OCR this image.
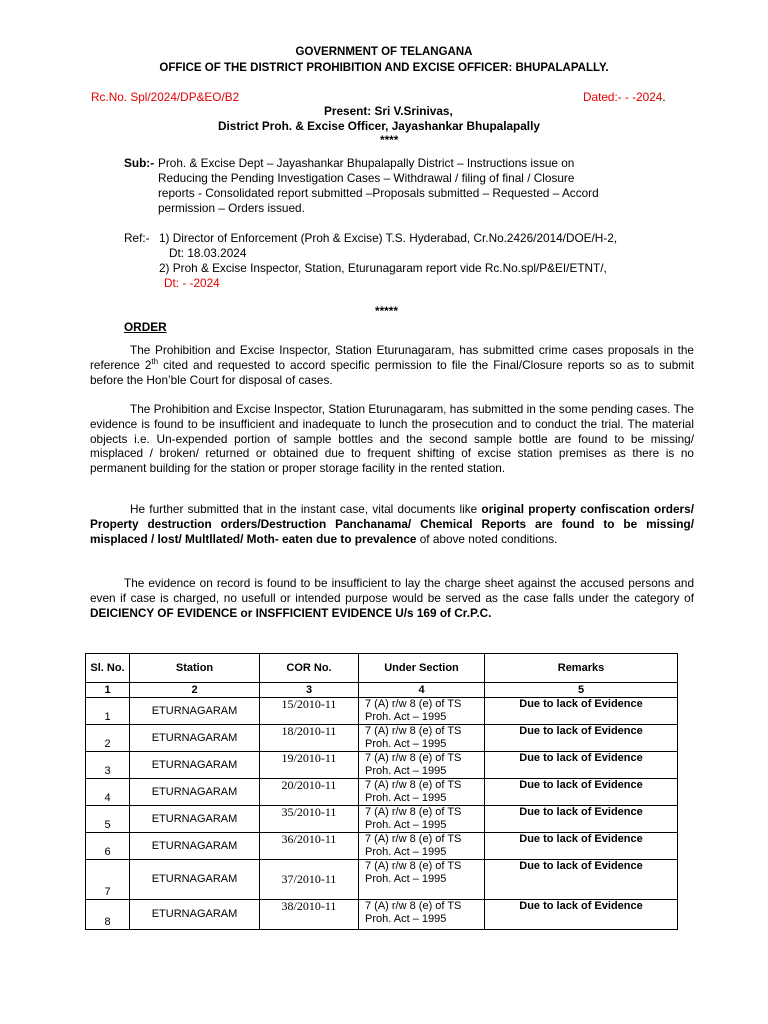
GOVERNMENT OF TELANGANA
OFFICE OF THE DISTRICT PROHIBITION AND EXCISE OFFICER: BHUPALAPALLY.
Rc.No. Spl/2024/DP&EO/B2	Dated:- - -2024.
Present: Sri V.Srinivas,
District Proh. & Excise Officer, Jayashankar Bhupalapally
****
Sub:- Proh. & Excise Dept – Jayashankar Bhupalapally District – Instructions issue on
Reducing the Pending Investigation Cases – Withdrawal / filing of final / Closure
reports - Consolidated report submitted –Proposals submitted – Requested – Accord
permission – Orders issued.
Ref:- 1) Director of Enforcement (Proh & Excise) T.S. Hyderabad, Cr.No.2426/2014/DOE/H-2,
Dt: 18.03.2024
2) Proh & Excise Inspector, Station, Eturunagaram report vide Rc.No.spl/P&EI/ETNT/,
Dt: - -2024
*****
ORDER
The Prohibition and Excise Inspector, Station Eturunagaram, has submitted crime cases proposals in the reference 2th cited and requested to accord specific permission to file the Final/Closure reports so as to submit before the Hon’ble Court for disposal of cases.
The Prohibition and Excise Inspector, Station Eturunagaram, has submitted in the some pending cases. The evidence is found to be insufficient and inadequate to lunch the prosecution and to conduct the trial. The material objects i.e. Un-expended portion of sample bottles and the second sample bottle are found to be missing/ misplaced / broken/ returned or obtained due to frequent shifting of excise station premises as there is no permanent building for the station or proper storage facility in the rented station.
He further submitted that in the instant case, vital documents like original property confiscation orders/ Property destruction orders/Destruction Panchanama/ Chemical Reports are found to be missing/ misplaced / lost/ Multllated/ Moth- eaten due to prevalence of above noted conditions.
The evidence on record is found to be insufficient to lay the charge sheet against the accused persons and even if case is charged, no usefull or intended purpose would be served as the case falls under the category of DEICIENCY OF EVIDENCE or INSFFICIENT EVIDENCE U/s 169 of Cr.P.C.
Sl. No.	Station	COR No.	Under Section	Remarks
1	2	3	4	5
1	ETURNAGARAM	15/2010-11	7 (A) r/w 8 (e) of TS
Proh. Act – 1995	Due to lack of Evidence
2	ETURNAGARAM	18/2010-11	7 (A) r/w 8 (e) of TS
Proh. Act – 1995	Due to lack of Evidence
3	ETURNAGARAM	19/2010-11	7 (A) r/w 8 (e) of TS
Proh. Act – 1995	Due to lack of Evidence
4	ETURNAGARAM	20/2010-11	7 (A) r/w 8 (e) of TS
Proh. Act – 1995	Due to lack of Evidence
5	ETURNAGARAM	35/2010-11	7 (A) r/w 8 (e) of TS
Proh. Act – 1995	Due to lack of Evidence
6	ETURNAGARAM	36/2010-11	7 (A) r/w 8 (e) of TS
Proh. Act – 1995	Due to lack of Evidence
7	ETURNAGARAM	37/2010-11	7 (A) r/w 8 (e) of TS
Proh. Act – 1995	Due to lack of Evidence
8	ETURNAGARAM	38/2010-11	7 (A) r/w 8 (e) of TS
Proh. Act – 1995	Due to lack of Evidence
